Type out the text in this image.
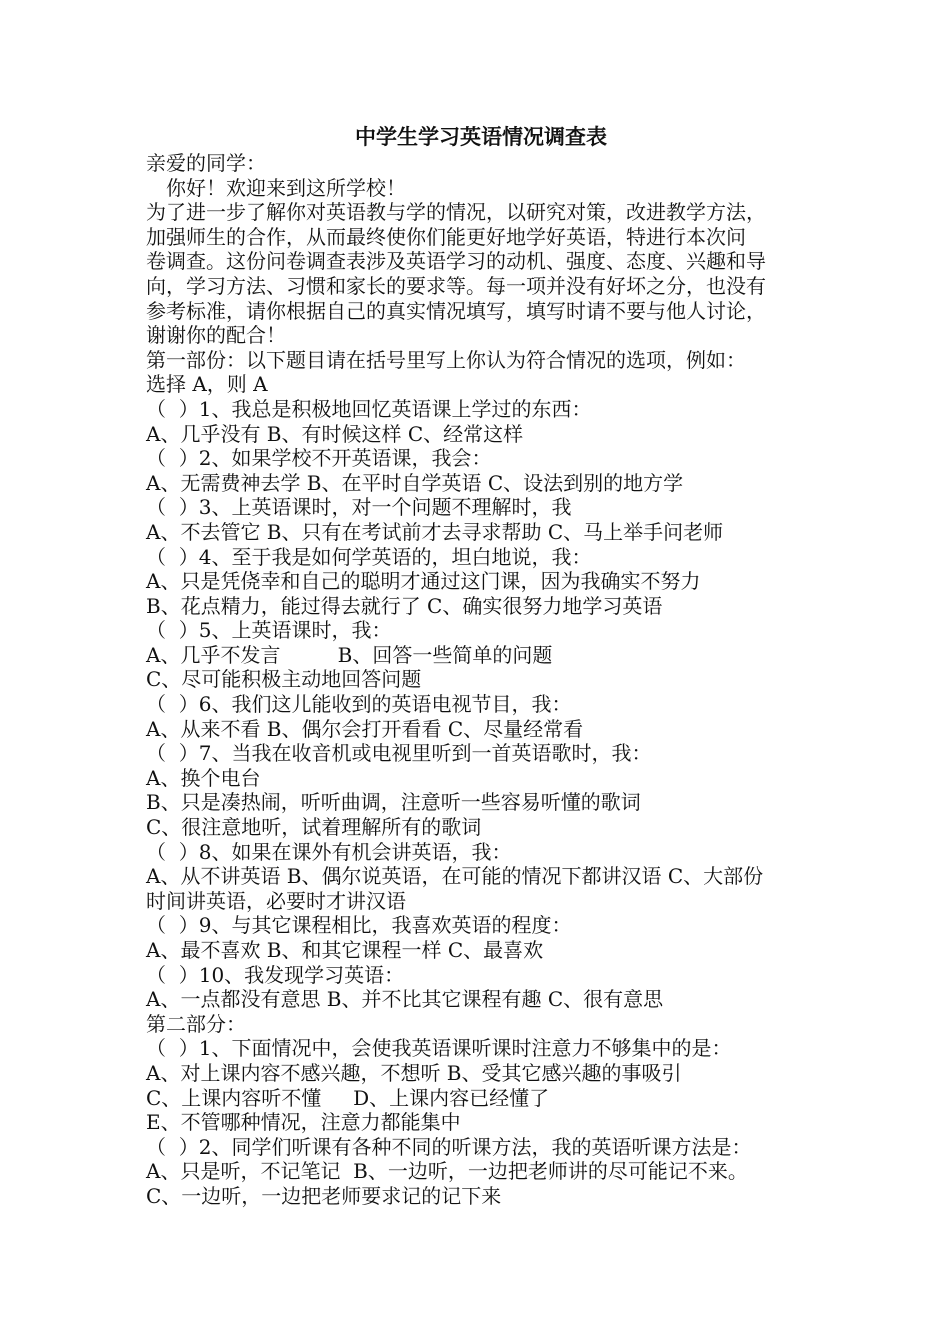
中学生学习英语情况调查表

亲爱的同学：

你好！欢迎来到这所学校！

为了进一步了解你对英语教与学的情况，以研究对策，改进教学方法，

加强师生的合作，从而最终使你们能更好地学好英语，特进行本次问

卷调查。这份问卷调查表涉及英语学习的动机、强度、态度、兴趣和导

向，学习方法、习惯和家长的要求等。每一项并没有好坏之分，也没有

参考标准，请你根据自己的真实情况填写，填写时请不要与他人讨论，

谢谢你的配合！

第一部份：以下题目请在括号里写上你认为符合情况的选项，例如：

选择 A，则 A

（  ）1、我总是积极地回忆英语课上学过的东西：

A、几乎没有 B、有时候这样 C、经常这样

（  ）2、如果学校不开英语课，我会：

A、无需费神去学 B、在平时自学英语 C、设法到别的地方学

（  ）3、上英语课时，对一个问题不理解时，我

A、不去管它 B、只有在考试前才去寻求帮助 C、马上举手问老师

（  ）4、至于我是如何学英语的，坦白地说，我：

A、只是凭侥幸和自己的聪明才通过这门课，因为我确实不努力

B、花点精力，能过得去就行了 C、确实很努力地学习英语

（  ）5、上英语课时，我：

A、几乎不发言         B、回答一些简单的问题

C、尽可能积极主动地回答问题

（  ）6、我们这儿能收到的英语电视节目，我：

A、从来不看 B、偶尔会打开看看 C、尽量经常看

（  ）7、当我在收音机或电视里听到一首英语歌时，我：

A、换个电台

B、只是凑热闹，听听曲调，注意听一些容易听懂的歌词

C、很注意地听，试着理解所有的歌词

（  ）8、如果在课外有机会讲英语，我：

A、从不讲英语 B、偶尔说英语，在可能的情况下都讲汉语 C、大部份

时间讲英语，必要时才讲汉语

（  ）9、与其它课程相比，我喜欢英语的程度：

A、最不喜欢 B、和其它课程一样 C、最喜欢

（  ）10、我发现学习英语：

A、一点都没有意思 B、并不比其它课程有趣 C、很有意思

第二部分：

（  ）1、下面情况中，会使我英语课听课时注意力不够集中的是：

A、对上课内容不感兴趣，不想听 B、受其它感兴趣的事吸引

C、上课内容听不懂     D、上课内容已经懂了

E、不管哪种情况，注意力都能集中

（  ）2、同学们听课有各种不同的听课方法，我的英语听课方法是：

A、只是听，不记笔记  B、一边听，一边把老师讲的尽可能记不来。

C、一边听，一边把老师要求记的记下来
